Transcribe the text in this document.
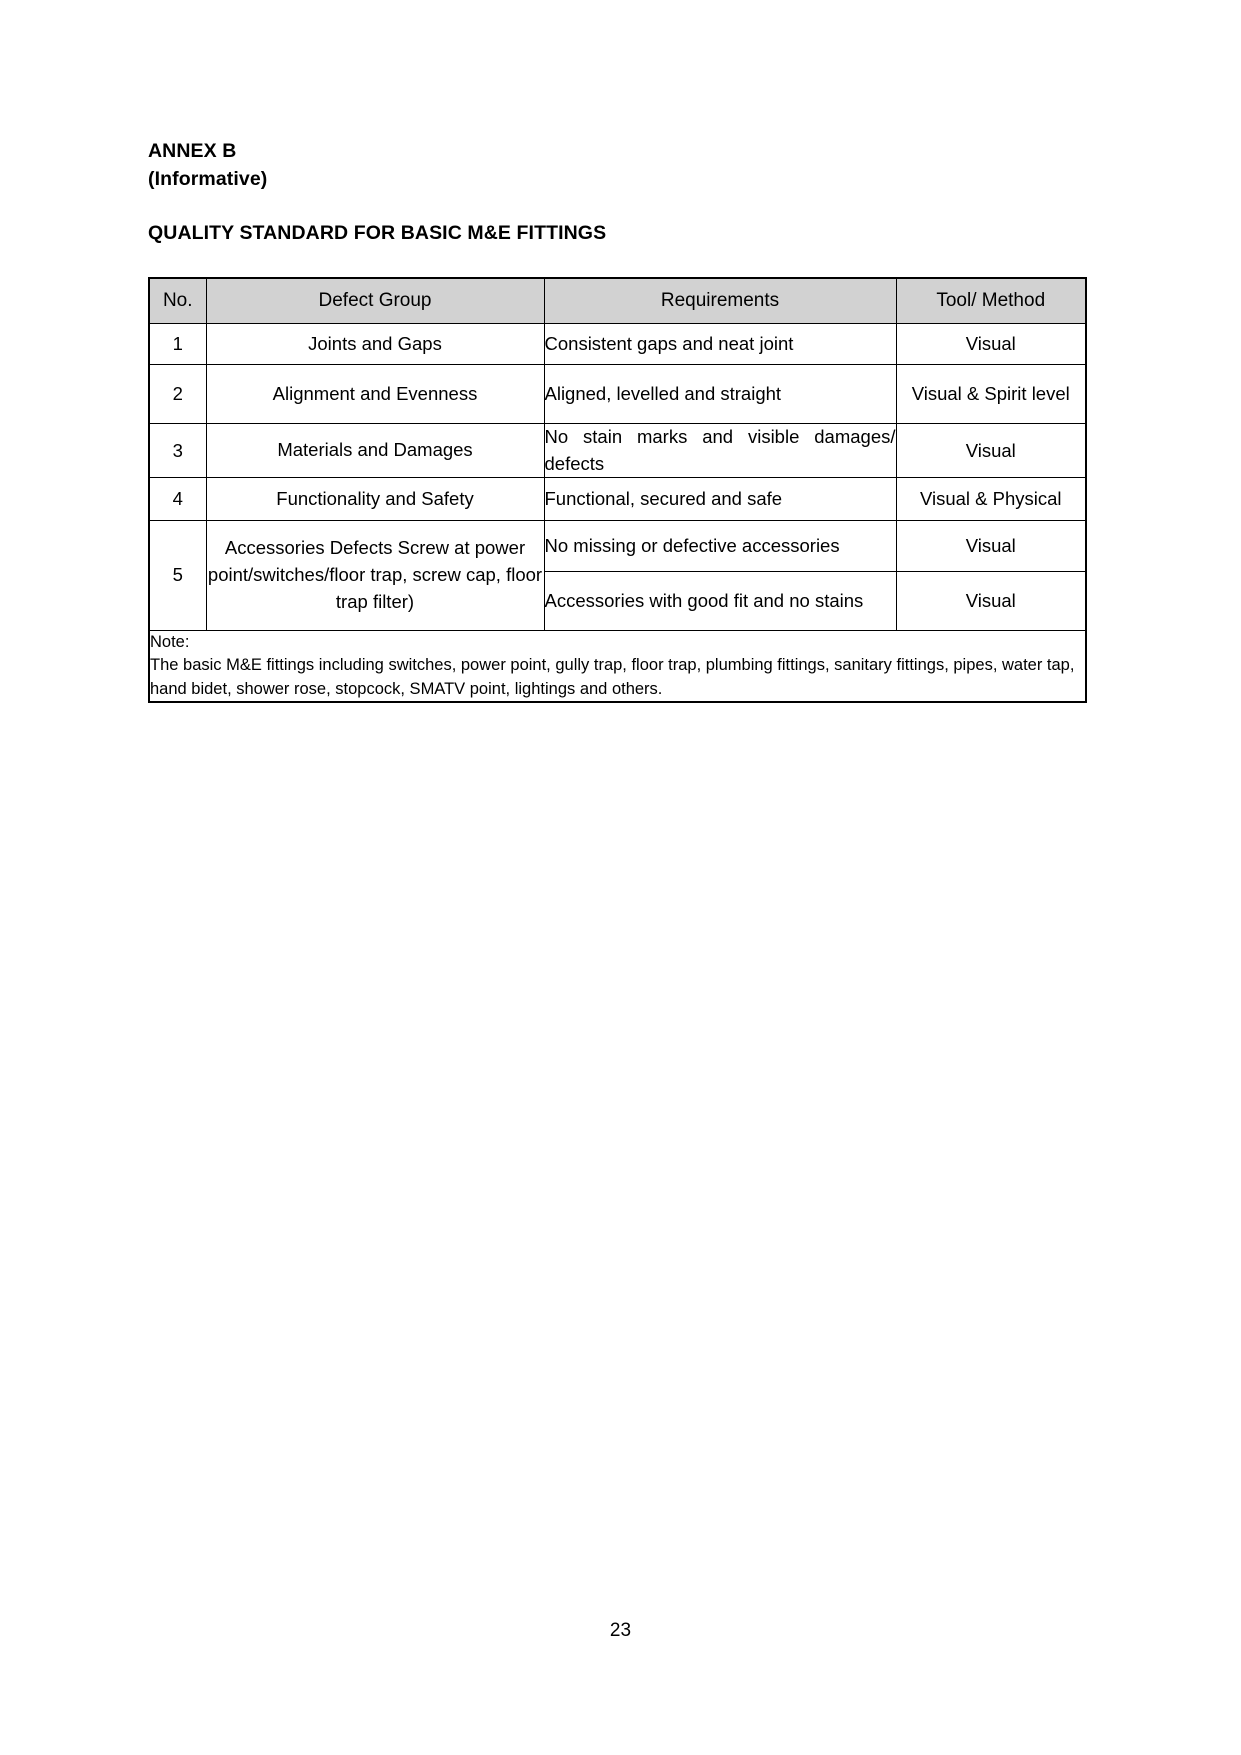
ANNEX B
(Informative)
QUALITY STANDARD FOR BASIC M&E FITTINGS
No.	Defect Group	Requirements	Tool/ Method
1	Joints and Gaps	Consistent gaps and neat joint	Visual
2	Alignment and Evenness	Aligned, levelled and straight	Visual & Spirit level
3	Materials and Damages	No stain marks and visible damages/ defects	Visual
4	Functionality and Safety	Functional, secured and safe	Visual & Physical
5	Accessories Defects Screw at power point/switches/floor trap, screw cap, floor trap filter)	No missing or defective accessories	Visual
		Accessories with good fit and no stains	Visual

Note:
The basic M&E fittings including switches, power point, gully trap, floor trap, plumbing fittings, sanitary fittings, pipes, water tap, hand bidet, shower rose, stopcock, SMATV point, lightings and others.			
23
